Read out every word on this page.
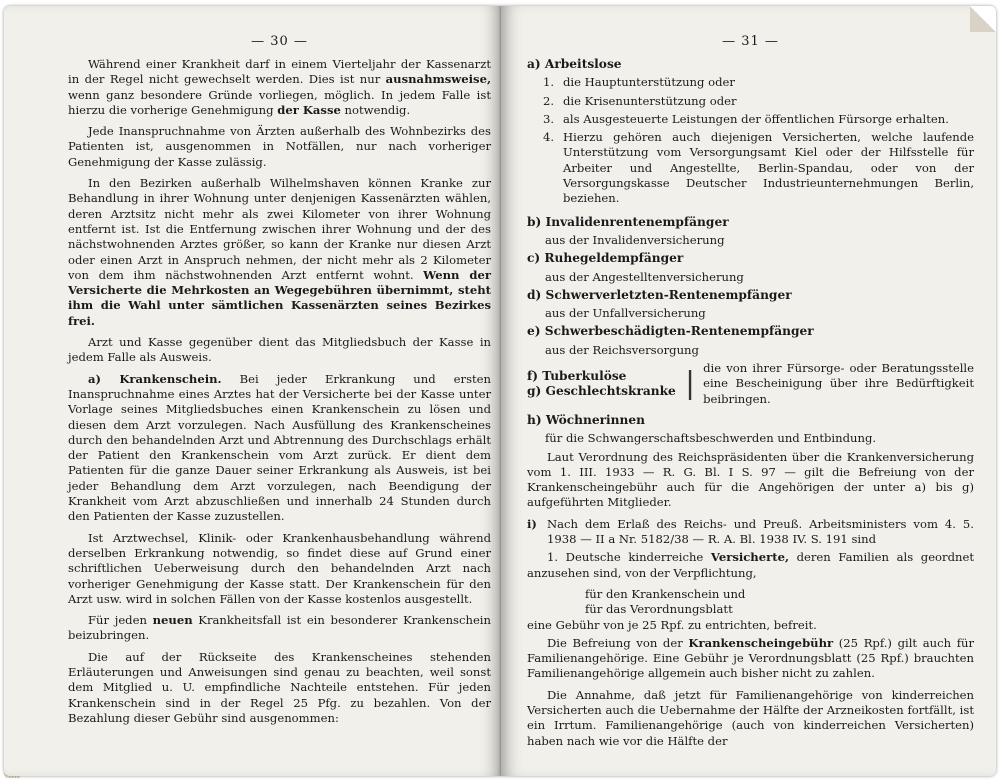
— 30 —

Während einer Krankheit darf in einem Vierteljahr der Kassenarzt in der Regel nicht gewechselt werden. Dies ist nur ausnahmsweise, wenn ganz besondere Gründe vorliegen, möglich. In jedem Falle ist hierzu die vorherige Genehmigung der Kasse notwendig.

Jede Inanspruchnahme von Ärzten außerhalb des Wohnbezirks des Patienten ist, ausgenommen in Notfällen, nur nach vorheriger Genehmigung der Kasse zulässig.

In den Bezirken außerhalb Wilhelmshaven können Kranke zur Behandlung in ihrer Wohnung unter denjenigen Kassenärzten wählen, deren Arztsitz nicht mehr als zwei Kilometer von ihrer Wohnung entfernt ist. Ist die Entfernung zwischen ihrer Wohnung und der des nächstwohnenden Arztes größer, so kann der Kranke nur diesen Arzt oder einen Arzt in Anspruch nehmen, der nicht mehr als 2 Kilometer von dem ihm nächstwohnenden Arzt entfernt wohnt. Wenn der Versicherte die Mehrkosten an Wegegebühren übernimmt, steht ihm die Wahl unter sämtlichen Kassenärzten seines Bezirkes frei.

Arzt und Kasse gegenüber dient das Mitgliedsbuch der Kasse in jedem Falle als Ausweis.

a) Krankenschein. Bei jeder Erkrankung und ersten Inanspruchnahme eines Arztes hat der Versicherte bei der Kasse unter Vorlage seines Mitgliedsbuches einen Krankenschein zu lösen und diesen dem Arzt vorzulegen. Nach Ausfüllung des Krankenscheines durch den behandelnden Arzt und Abtrennung des Durchschlags erhält der Patient den Krankenschein vom Arzt zurück. Er dient dem Patienten für die ganze Dauer seiner Erkrankung als Ausweis, ist bei jeder Behandlung dem Arzt vorzulegen, nach Beendigung der Krankheit vom Arzt abzuschließen und innerhalb 24 Stunden durch den Patienten der Kasse zuzustellen.

Ist Arztwechsel, Klinik- oder Krankenhausbehandlung während derselben Erkrankung notwendig, so findet diese auf Grund einer schriftlichen Ueberweisung durch den behandelnden Arzt nach vorheriger Genehmigung der Kasse statt. Der Krankenschein für den Arzt usw. wird in solchen Fällen von der Kasse kostenlos ausgestellt.

Für jeden neuen Krankheitsfall ist ein besonderer Krankenschein beizubringen.

Die auf der Rückseite des Krankenscheines stehenden Erläuterungen und Anweisungen sind genau zu beachten, weil sonst dem Mitglied u. U. empfindliche Nachteile entstehen. Für jeden Krankenschein sind in der Regel 25 Pfg. zu bezahlen. Von der Bezahlung dieser Gebühr sind ausgenommen:

— 31 —
a) Arbeitslose
1. die Hauptunterstützung oder
2. die Krisenunterstützung oder
3. als Ausgesteuerte Leistungen der öffentlichen Fürsorge erhalten.
4. Hierzu gehören auch diejenigen Versicherten, welche laufende Unterstützung vom Versorgungsamt Kiel oder der Hilfsstelle für Arbeiter und Angestellte, Berlin-Spandau, oder von der Versorgungskasse Deutscher Industrieunternehmungen Berlin, beziehen.
b) Invalidenrentenempfänger
aus der Invalidenversicherung
c) Ruhegeldempfänger
aus der Angestelltenversicherung
d) Schwerverletzten-Rentenempfänger
aus der Unfallversicherung
e) Schwerbeschädigten-Rentenempfänger
aus der Reichsversorgung
f) Tuberkulöse
g) Geschlechtskranke | die von ihrer Fürsorge- oder Beratungsstelle eine Bescheinigung über ihre Bedürftigkeit beibringen.
h) Wöchnerinnen
für die Schwangerschaftsbeschwerden und Entbindung.

Laut Verordnung des Reichspräsidenten über die Krankenversicherung vom 1. III. 1933 — R. G. Bl. I S. 97 — gilt die Befreiung von der Krankenscheingebühr auch für die Angehörigen der unter a) bis g) aufgeführten Mitglieder.

i) Nach dem Erlaß des Reichs- und Preuß. Arbeitsministers vom 4. 5. 1938 — II a Nr. 5182/38 — R. A. Bl. 1938 IV. S. 191 sind

1. Deutsche kinderreiche Versicherte, deren Familien als geordnet anzusehen sind, von der Verpflichtung,

für den Krankenschein und
für das Verordnungsblatt
eine Gebühr von je 25 Rpf. zu entrichten, befreit.

Die Befreiung von der Krankenscheingebühr (25 Rpf.) gilt auch für Familienangehörige. Eine Gebühr je Verordnungsblatt (25 Rpf.) brauchten Familienangehörige allgemein auch bisher nicht zu zahlen.

Die Annahme, daß jetzt für Familienangehörige von kinderreichen Versicherten auch die Uebernahme der Hälfte der Arzneikosten fortfällt, ist ein Irrtum. Familienangehörige (auch von kinderreichen Versicherten) haben nach wie vor die Hälfte der
